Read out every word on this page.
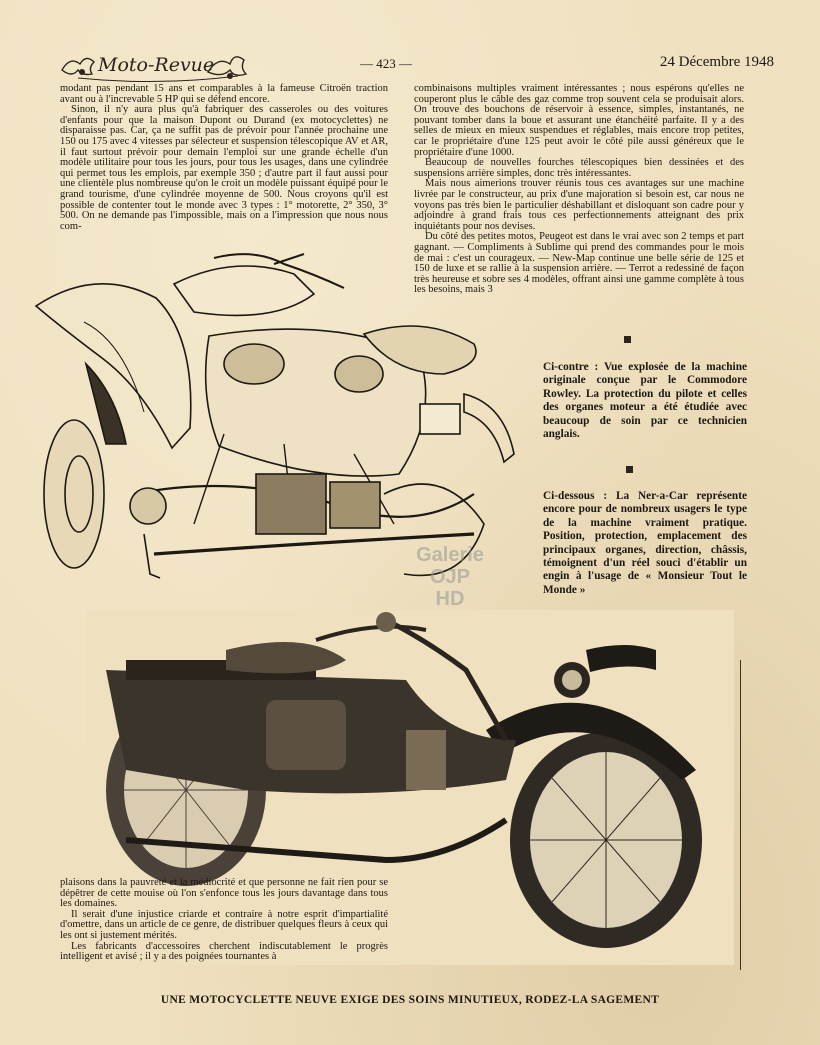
Moto-Revue	— 423 —	24 Décembre 1948

modant pas pendant 15 ans et comparables à la fameuse Citroën traction avant ou à l'increvable 5 HP qui se défend encore.

Sinon, il n'y aura plus qu'à fabriquer des casseroles ou des voitures d'enfants pour que la maison Dupont ou Durand (ex motocyclettes) ne disparaisse pas. Car, ça ne suffit pas de prévoir pour l'année prochaine une 150 ou 175 avec 4 vitesses par sélecteur et suspension télescopique AV et AR, il faut surtout prévoir pour demain l'emploi sur une grande échelle d'un modèle utilitaire pour tous les jours, pour tous les usages, dans une cylindrée qui permet tous les emplois, par exemple 350 ; d'autre part il faut aussi pour une clientèle plus nombreuse qu'on le croit un modèle puissant équipé pour le grand tourisme, d'une cylindrée moyenne de 500. Nous croyons qu'il est possible de contenter tout le monde avec 3 types : 1° motorette, 2° 350, 3° 500. On ne demande pas l'impossible, mais on a l'impression que nous nous com-

combinaisons multiples vraiment intéressantes ; nous espérons qu'elles ne couperont plus le câble des gaz comme trop souvent cela se produisait alors. On trouve des bouchons de réservoir à essence, simples, instantanés, ne pouvant tomber dans la boue et assurant une étanchéité parfaite. Il y a des selles de mieux en mieux suspendues et réglables, mais encore trop petites, car le propriétaire d'une 125 peut avoir le côté pile aussi généreux que le propriétaire d'une 1000.

Beaucoup de nouvelles fourches télescopiques bien dessinées et des suspensions arrière simples, donc très intéressantes.

Mais nous aimerions trouver réunis tous ces avantages sur une machine livrée par le constructeur, au prix d'une majoration si besoin est, car nous ne voyons pas très bien le particulier déshabillant et disloquant son cadre pour y adjoindre à grand frais tous ces perfectionnements atteignant des prix inquiétants pour nos devises.

Du côté des petites motos, Peugeot est dans le vrai avec son 2 temps et part gagnant. — Compliments à Sublime qui prend des commandes pour le mois de mai : c'est un courageux. — New-Map continue une belle série de 125 et 150 de luxe et se rallie à la suspension arrière. — Terrot a redessiné de façon très heureuse et sobre ses 4 modèles, offrant ainsi une gamme complète à tous les besoins, mais 3

Ci-contre : Vue explosée de la machine originale conçue par le Commodore Rowley. La protection du pilote et celles des organes moteur a été étudiée avec beaucoup de soin par ce technicien anglais.
Ci-dessous : La Ner-a-Car représente encore pour de nombreux usagers le type de la machine vraiment pratique. Position, protection, emplacement des principaux organes, direction, châssis, témoignent d'un réel souci d'établir un engin à l'usage de « Monsieur Tout le Monde »
Galerie
OJP
HD

plaisons dans la pauvreté et la médiocrité et que personne ne fait rien pour se dépêtrer de cette mouise où l'on s'enfonce tous les jours davantage dans tous les domaines.

Il serait d'une injustice criarde et contraire à notre esprit d'impartialité d'omettre, dans un article de ce genre, de distribuer quelques fleurs à ceux qui les ont si justement mérités.

Les fabricants d'accessoires cherchent indiscutablement le progrès intelligent et avisé ; il y a des poignées tournantes à

UNE MOTOCYCLETTE NEUVE EXIGE DES SOINS MINUTIEUX, RODEZ-LA SAGEMENT
